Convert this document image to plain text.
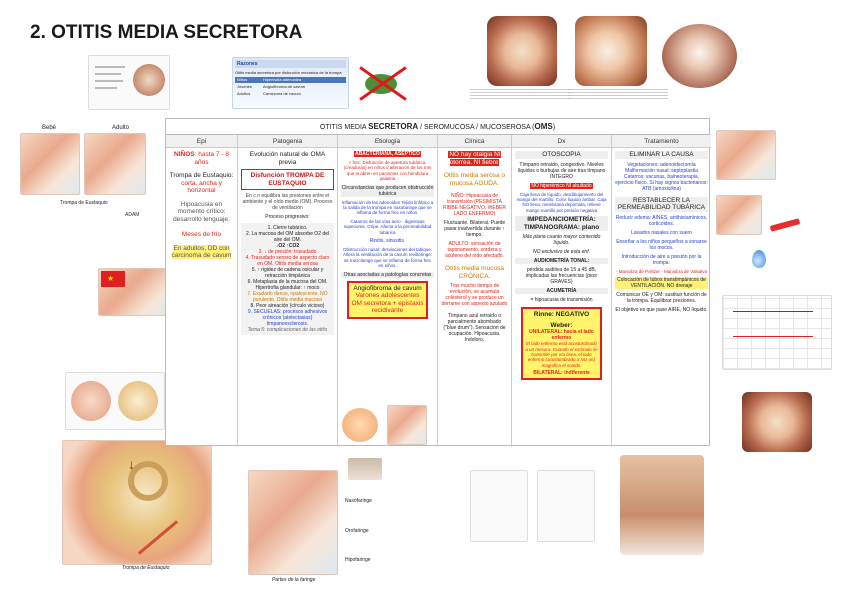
2. OTITIS MEDIA SECRETORA
Razones
Otitis media secretora por disfunción mecánica de la trompa
Niños	Hipertrofia adenoidea
Jóvenes	Angiofibroma de cavum
Adultos	Carcinoma de cavum
Bebé	Adulto
Trompa de Eustaquio
ADAM
★
↓
Trompa de Eustaquio
OTITIS MEDIA SECRETORA / SEROMUCOSA / MUCOSEROSA (OMS)
Epi
NIÑOS: hasta 7 - 8 años
Trompa de Eustaquio:
corta, ancha y horizontal
Hipoacusia en momento crítico: desarrollo lenguaje.
Meses de frío
En adultos, DD con carcinoma de cavum
Patogenia
Evolución natural de OMA previa
Disfunción TROMPA DE EUSTAQUIO
En c.n equilibra las presiones entre el ambiente y el oído medio (OM). Proceso de ventilación
Proceso progresivo:
1. Cierre tubárico.
2. La mucosa del OM absorbe O2 del aire del OM.
↓O2 ↑CO2
3. ↓ de presión: trasudado
4. Trasudado seroso de aspecto claro en OM. Otitis media serosa
5. ↑ rigidez de cadena osicular y retracción timpánica
6. Metaplasia de la mucosa del OM. Hipertrofia glandular: ↑ moco
7. Exudado denso, opalescente. NO purulento. Otitis media mucosa
8. Peor aireación (círculo vicioso)
9. SECUELAS: procesos adhesivos crónicos (atelectasias) timpanoesclerosis.
Tema 5: complicaciones de las otitis
Etiología
ABACTERIANA, ASÉPTICO
+ frec: Disfunción de apertura tubárica, (creaduras) en niños // alteración de los mm que la abren en pacientes con hendidura palatina
Circunstancias que producen obstrucción tubárica
Inflamación de las adenoides Tejido linfático a la salida de la trompa en nasofaringe que se inflama de forma frec en niños.
Catarros de las vías aero - digestivas superiores. Gripe. Afecta a la permeabilidad tubárica
Rinitis, sinusitis.
Obstrucción nasal: desviaciones del tabique. Altera la ventilación de la cavum reviltoringe: se mezclamge que se inflama de forma frec en niños.
Otras asociadas a patologías concretas
Angiofibroma de cavum
Varones adolescentes
OM secretora + epistaxis recidivante
Clínica
NO hay otalgia NI otorrea. NI fiebre
Otitis media serosa o mucosa AGUDA.
NIÑO: Hipoacusia de transmisión (PESIMISTA RIBBE NEGATIVO, WEBER LADO ENFERMO)
Fluctuante. Bilateral. Puede pasar inadvertida durante ↑ tiempo.
ADULTO: sensación de taponamiento, sordera y acúfeno del oído afectado.
Otitis media mucosa CRÓNICA.
Tras mucho tiempo de evolución, se acumula colesterol y se produce un derrame con aspecto azulado
Tímpano azul retraído o parcialmente abombado ("blue drum"). Sensación de ocupación. Hipoacusia. Indoloro.
Dx
OTOSCOPIA
Tímpano retraído, congestivo. Niveles líquidos o burbujas de aire tras tímpano ÍNTEGRO
NO hiperémico NI abultado
Caja llena de líquido. desdibujamiento del mango del martillo. Color líquido ámbar. Caja NO llena: membrana deprimida, relieve mango martillo por presión negativa
IMPEDANCIOMETRÍA: TIMPANOGRAMA: plano
Más plana cuanto mayor contenido líquido.
NO exclusivo de esta enf.
AUDIOMETRÍA TONAL:
pérdida auditiva de 15 a 45 dB, implicadas las frecuencias (peor GRAVES)
ACUMETRÍA
= hipoacusia de transmisión
Rinne: NEGATIVO
Weber:
UNILATERAL: hacia el lado enfermo
El lado enfermo está acostumbrado a un mesura. Cuando el estímulo se transmite por vía ósea, el lado enfermo (acostumbrado a NO oír) magnifica el sonido.
BILATERAL: indiferente
Tratamiento
ELIMINAR LA CAUSA
Vegetaciones: adenoidectomía Malformación nasal: septoplastia Catarros: vacunas, balneoterapia, ejercicio físico. Si hay signos bacterianos: ATB (amoxicilina)
RESTABLECER LA PERMEABILIDAD TUBÁRICA
Reducir edema: AINES, antihistamínicos, corticoides.
Lavados nasales con suero
Enseñar a los niños pequeños a sonarse los mocos.
Introducción de aire a presión por la trompa:
- Maniobra de Politzer - Maniobra de Valsalva
Colocación de tubos transtimpánicos de VENTILACIÓN. NO drenaje
Comunicar OE y OM: sustituir función de la trompa. Equilibrar presiones.
El objetivo es que pase AIRE, NO líquido.
Nasofaringe
Orofaringe
Hipofaringe
Partes de la faringe
